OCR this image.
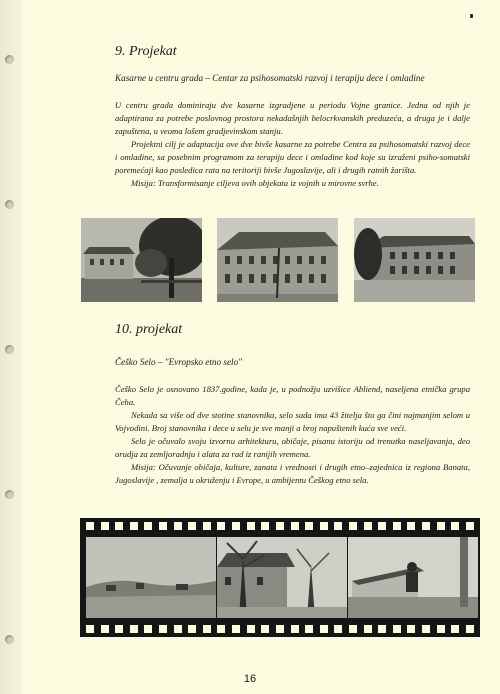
9. Projekat
Kasarne u centru grada – Centar za psihosomatski razvoj i terapiju dece i omladine

U centru grada dominiraju dve kasarne izgradjene u periodu Vojne granice. Jedna od njih je adaptirana za potrebe poslovnog prostora nekadašnjih belocrkvanskih preduzeća, a druga je i dalje zapuštena, u veoma lošem gradjevinskom stanju.

Projektni cilj je adaptacija ove dve bivše kasarne za potrebe Centra za psihosomatski razvoj dece i omladine, sa posebnim programom za terapiju dece i omladine kod koje su izraženi psiho-somatski poremećaji kao posledica rata na teritoriji bivše Jugoslavije, ali i drugih ratnih žarišta.

Misija: Transformisanje ciljeva ovih objekata iz vojnih u mirovne svrhe.

10. projekat
Češko Selo – "Evropsko etno selo"

Češko Selo je osnovano 1837.godine, kada je, u podnožju uzvišice Abliend, naseljena etnička grupa Čeha.

Nekada sa više od dve stotine stanovnika, selo sada ima 43 žitelja što ga čini najmanjim selom u Vojvodini. Broj stanovnika i dece u selu je sve manji a broj napuštenih kuća sve veći.

Selo je očuvalo svoju izvornu arhitekturu, običaje, pisanu istoriju od trenutka naseljavanja, deo orudja za zemljoradnju i alata za rad iz ranijih vremena.

Misija: Očuvanje običaja, kulture, zanata i vrednosti i drugih etno–zajednica iz regiona Banata, Jugoslavije , zemalja u okruženju i Evrope, u ambijentu Češkog etno sela.

16
